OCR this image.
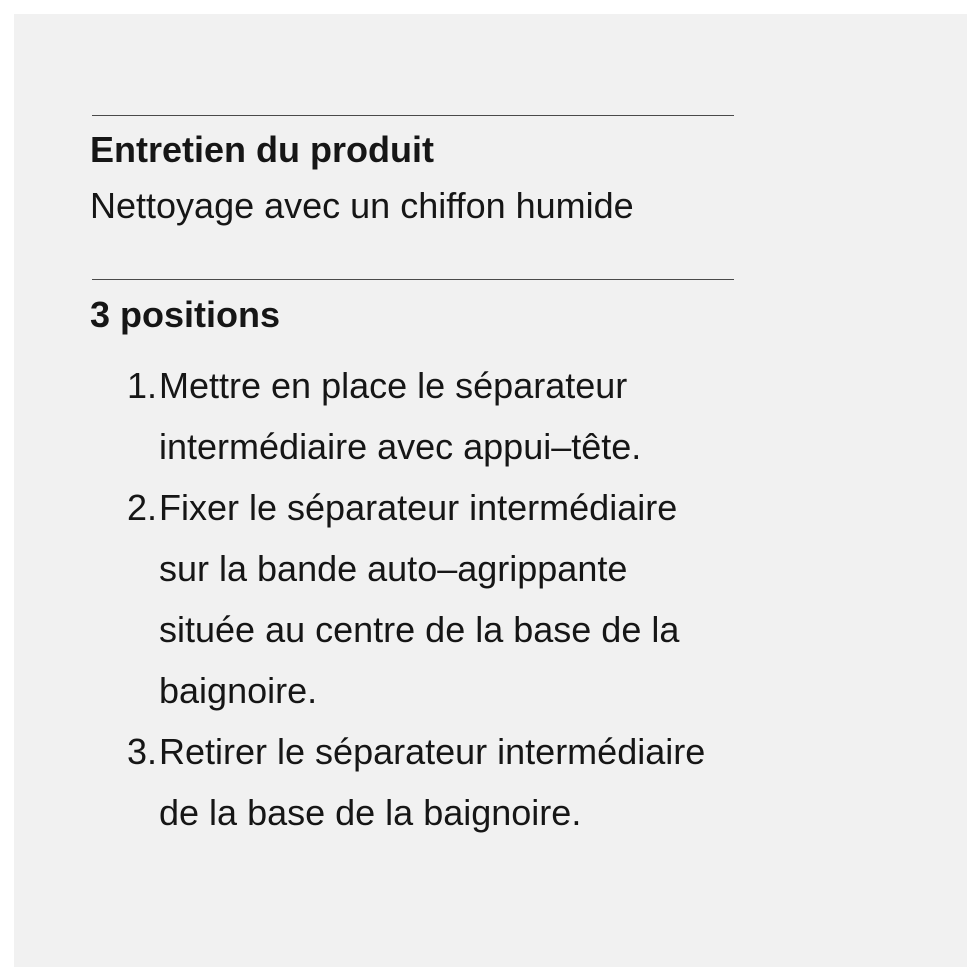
Entretien du produit

Nettoyage avec un chiffon humide

3 positions
1. Mettre en place le séparateur
intermédiaire avec appui–tête.
2. Fixer le séparateur intermédiaire
sur la bande auto–agrippante
située au centre de la base de la
baignoire.
3. Retirer le séparateur intermédiaire
de la base de la baignoire.
